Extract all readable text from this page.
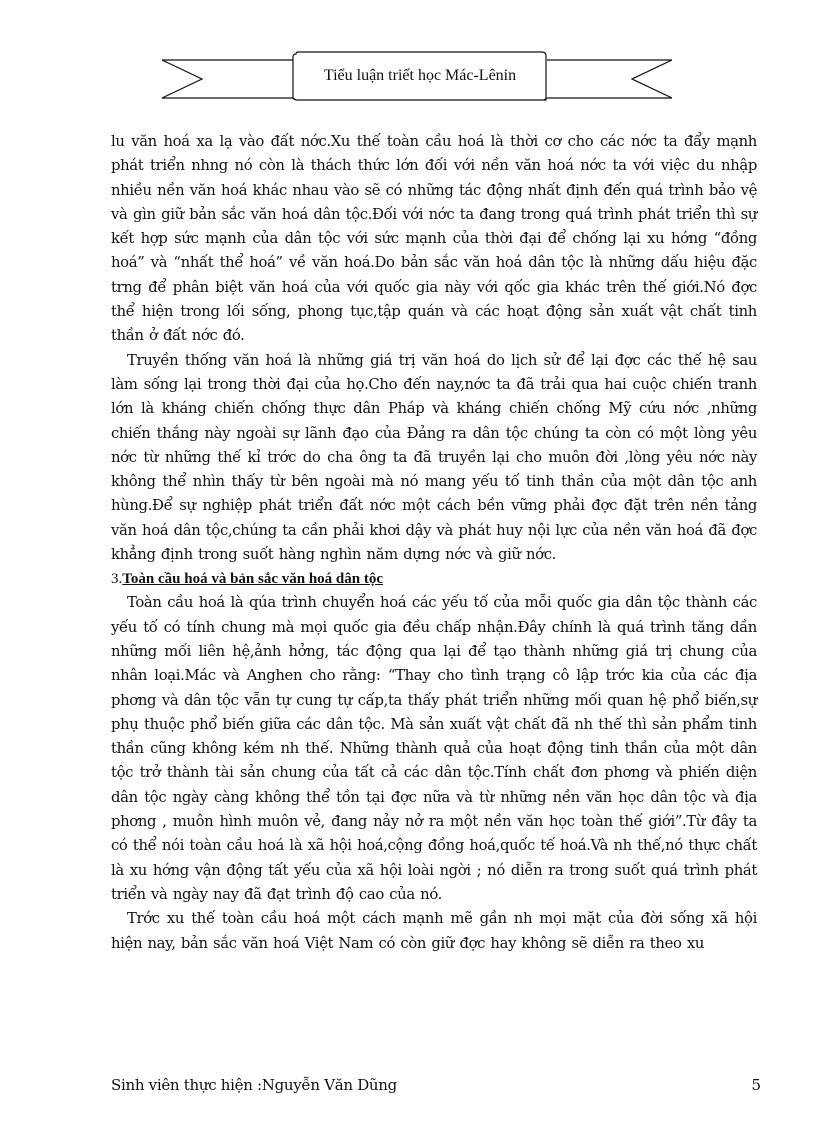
Tiểu luận triết học Mác-Lênin

lu văn hoá xa lạ vào đất nớc.Xu thế toàn cầu hoá là thời cơ cho các nớc ta đẩy mạnh phát triển nhng nó còn là thách thức lớn đối với nền văn hoá nớc ta với việc du nhập nhiều nền văn hoá khác nhau vào sẽ có những tác động nhất định đến quá trình bảo vệ và gìn giữ bản sắc văn hoá dân tộc.Đối với nớc ta đang trong quá trình phát triển thì sự kết hợp sức mạnh của dân tộc với sức mạnh của thời đại để chống lại xu hớng “đồng hoá” và “nhất thể hoá” về văn hoá.Do bản sắc văn hoá dân tộc là những dấu hiệu đặc trng để phân biệt văn hoá của với quốc gia này với qốc gia khác trên thế giới.Nó đợc thể hiện trong lối sống, phong tục,tập quán và các hoạt động sản xuất vật chất tinh thần ở đất nớc đó.

Truyền thống văn hoá là những giá trị văn hoá do lịch sử để lại đợc các thế hệ sau làm sống lại trong thời đại của họ.Cho đến nay,nớc ta đã trải qua hai cuộc chiến tranh lớn là kháng chiến chống thực dân Pháp và kháng chiến chống Mỹ cứu nớc ,những chiến thắng này ngoài sự lãnh đạo của Đảng ra dân tộc chúng ta còn có một lòng yêu nớc từ những thế kỉ trớc do cha ông ta đã truyền lại cho muôn đời ,lòng yêu nớc này không thể nhìn thấy từ bên ngoài mà nó mang yếu tố tinh thần của một dân tộc anh hùng.Để sự nghiệp phát triển đất nớc một cách bền vững phải đợc đặt trên nền tảng văn hoá dân tộc,chúng ta cần phải khơi dậy và phát huy nội lực của nền văn hoá đã đợc khẳng định trong suốt hàng nghìn năm dựng nớc và giữ nớc.

3.Toàn cầu hoá và bản sắc văn hoá dân tộc

Toàn cầu hoá là qúa trình chuyển hoá các yếu tố của mỗi quốc gia dân tộc thành các yếu tố có tính chung mà mọi quốc gia đều chấp nhận.Đây chính là quá trình tăng dần những mối liên hệ,ảnh hởng, tác động qua lại để tạo thành những giá trị chung của nhân loại.Mác và Anghen cho rằng: “Thay cho tình trạng cô lập trớc kia của các địa phơng và dân tộc vẫn tự cung tự cấp,ta thấy phát triển những mối quan hệ phổ biến,sự phụ thuộc phổ biến giữa các dân tộc. Mà sản xuất vật chất đã nh thế thì sản phẩm tinh thần cũng không kém nh thế. Những thành quả của hoạt động tinh thần của một dân tộc trở thành tài sản chung của tất cả các dân tộc.Tính chất đơn phơng và phiến diện dân tộc ngày càng không thể tồn tại đợc nữa và từ những nền văn học dân tộc và địa phơng , muôn hình muôn vẻ, đang nảy nở ra một nền văn học toàn thế giới”.Từ đây ta có thể nói toàn cầu hoá là xã hội hoá,cộng đồng hoá,quốc tế hoá.Và nh thế,nó thực chất là xu hớng vận động tất yếu của xã hội loài ngời ; nó diễn ra trong suốt quá trình phát triển và ngày nay đã đạt trình độ cao của nó.

Trớc xu thế toàn cầu hoá một cách mạnh mẽ gần nh mọi mặt của đời sống xã hội hiện nay, bản sắc văn hoá Việt Nam có còn giữ đợc hay không sẽ diễn ra theo xu

Sinh viên thực hiện :Nguyễn Văn Dũng	5
